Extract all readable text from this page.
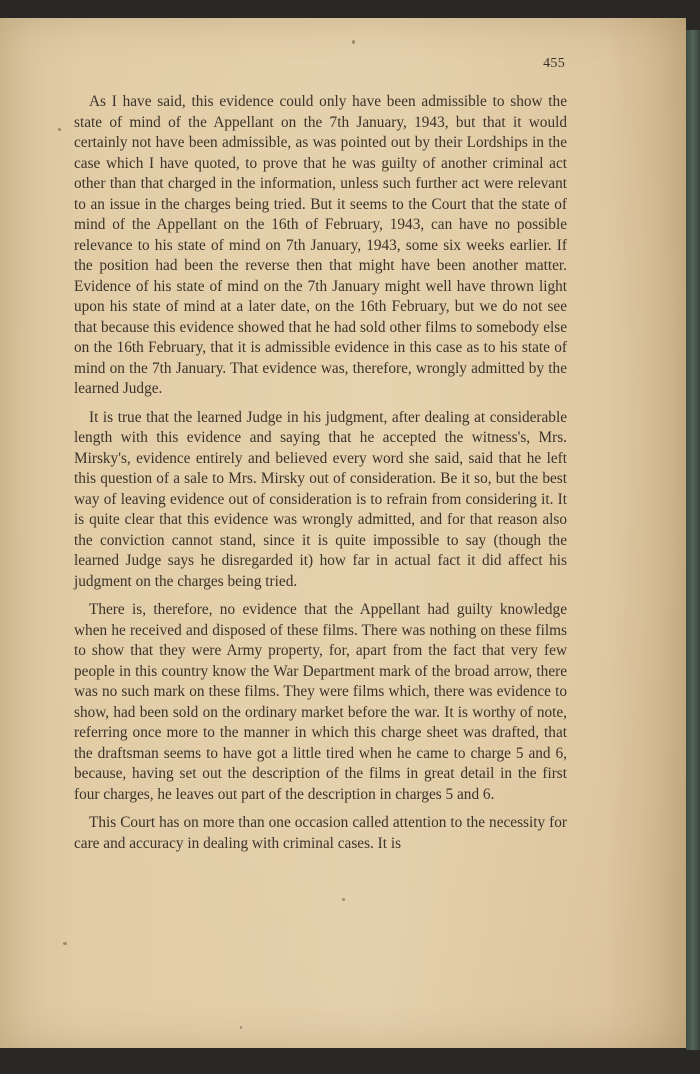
455

As I have said, this evidence could only have been admissible to show the state of mind of the Appellant on the 7th January, 1943, but that it would certainly not have been admissible, as was pointed out by their Lordships in the case which I have quoted, to prove that he was guilty of another criminal act other than that charged in the information, unless such further act were relevant to an issue in the charges being tried. But it seems to the Court that the state of mind of the Appellant on the 16th of February, 1943, can have no possible relevance to his state of mind on 7th January, 1943, some six weeks earlier. If the position had been the reverse then that might have been another matter. Evidence of his state of mind on the 7th January might well have thrown light upon his state of mind at a later date, on the 16th February, but we do not see that because this evidence showed that he had sold other films to somebody else on the 16th February, that it is admissible evidence in this case as to his state of mind on the 7th January. That evidence was, therefore, wrongly admitted by the learned Judge.

It is true that the learned Judge in his judgment, after dealing at considerable length with this evidence and saying that he accepted the witness's, Mrs. Mirsky's, evidence entirely and believed every word she said, said that he left this question of a sale to Mrs. Mirsky out of consideration. Be it so, but the best way of leaving evidence out of consideration is to refrain from considering it. It is quite clear that this evidence was wrongly admitted, and for that reason also the conviction cannot stand, since it is quite impossible to say (though the learned Judge says he disregarded it) how far in actual fact it did affect his judgment on the charges being tried.

There is, therefore, no evidence that the Appellant had guilty knowledge when he received and disposed of these films. There was nothing on these films to show that they were Army property, for, apart from the fact that very few people in this country know the War Department mark of the broad arrow, there was no such mark on these films. They were films which, there was evidence to show, had been sold on the ordinary market before the war. It is worthy of note, referring once more to the manner in which this charge sheet was drafted, that the draftsman seems to have got a little tired when he came to charge 5 and 6, because, having set out the description of the films in great detail in the first four charges, he leaves out part of the description in charges 5 and 6.

This Court has on more than one occasion called attention to the necessity for care and accuracy in dealing with criminal cases. It is
